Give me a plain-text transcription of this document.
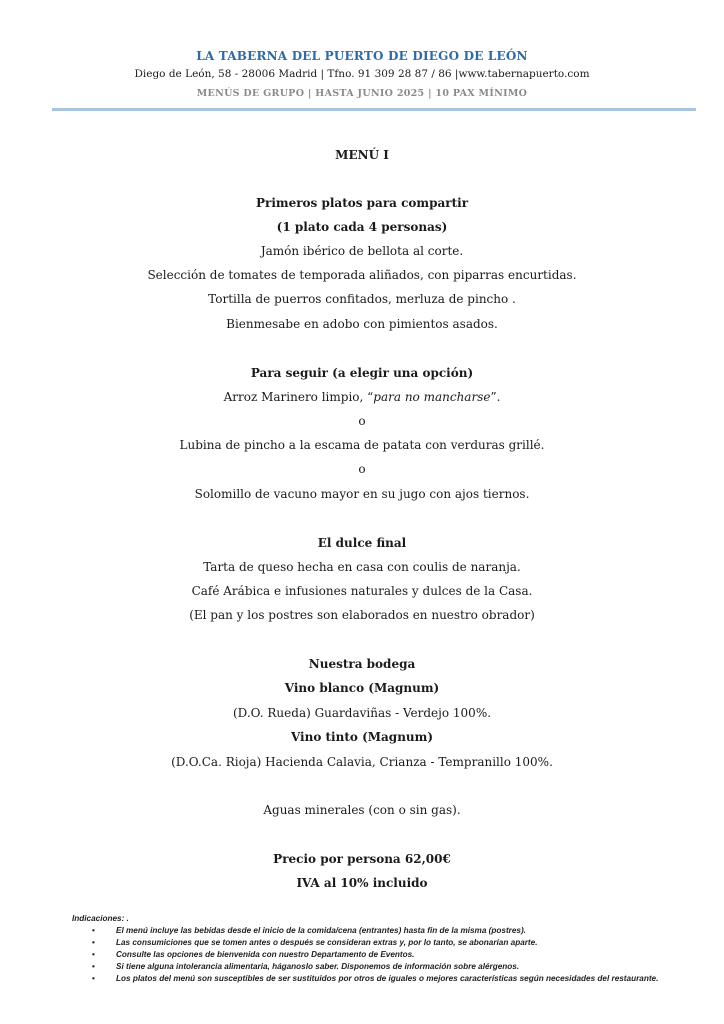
LA TABERNA DEL PUERTO DE DIEGO DE LEÓN
Diego de León, 58 - 28006 Madrid | Tfno. 91 309 28 87 / 86 |www.tabernapuerto.com
MENÚS DE GRUPO | HASTA JUNIO 2025 | 10 PAX MÍNIMO
MENÚ I
Primeros platos para compartir
(1 plato cada 4 personas)
Jamón ibérico de bellota al corte.
Selección de tomates de temporada aliñados, con piparras encurtidas.
Tortilla de puerros confitados, merluza de pincho .
Bienmesabe en adobo con pimientos asados.
Para seguir (a elegir una opción)
Arroz Marinero limpio, “para no mancharse”.
o
Lubina de pincho a la escama de patata con verduras grillé.
o
Solomillo de vacuno mayor en su jugo con ajos tiernos.
El dulce final
Tarta de queso hecha en casa con coulis de naranja.
Café Arábica e infusiones naturales y dulces de la Casa.
(El pan y los postres son elaborados en nuestro obrador)
Nuestra bodega
Vino blanco (Magnum)
(D.O. Rueda) Guardaviñas - Verdejo 100%.
Vino tinto (Magnum)
(D.O.Ca. Rioja) Hacienda Calavia, Crianza - Tempranillo 100%.
Aguas minerales (con o sin gas).
Precio por persona 62,00€
IVA al 10% incluido
Indicaciones: .
•	El menú incluye las bebidas desde el inicio de la comida/cena (entrantes) hasta fin de la misma (postres).
•	Las consumiciones que se tomen antes o después se consideran extras y, por lo tanto, se abonarían aparte.
•	Consulte las opciones de bienvenida con nuestro Departamento de Eventos.
•	Si tiene alguna intolerancia alimentaria, háganoslo saber. Disponemos de información sobre alérgenos.
•	Los platos del menú son susceptibles de ser sustituidos por otros de iguales o mejores características según necesidades del restaurante.
